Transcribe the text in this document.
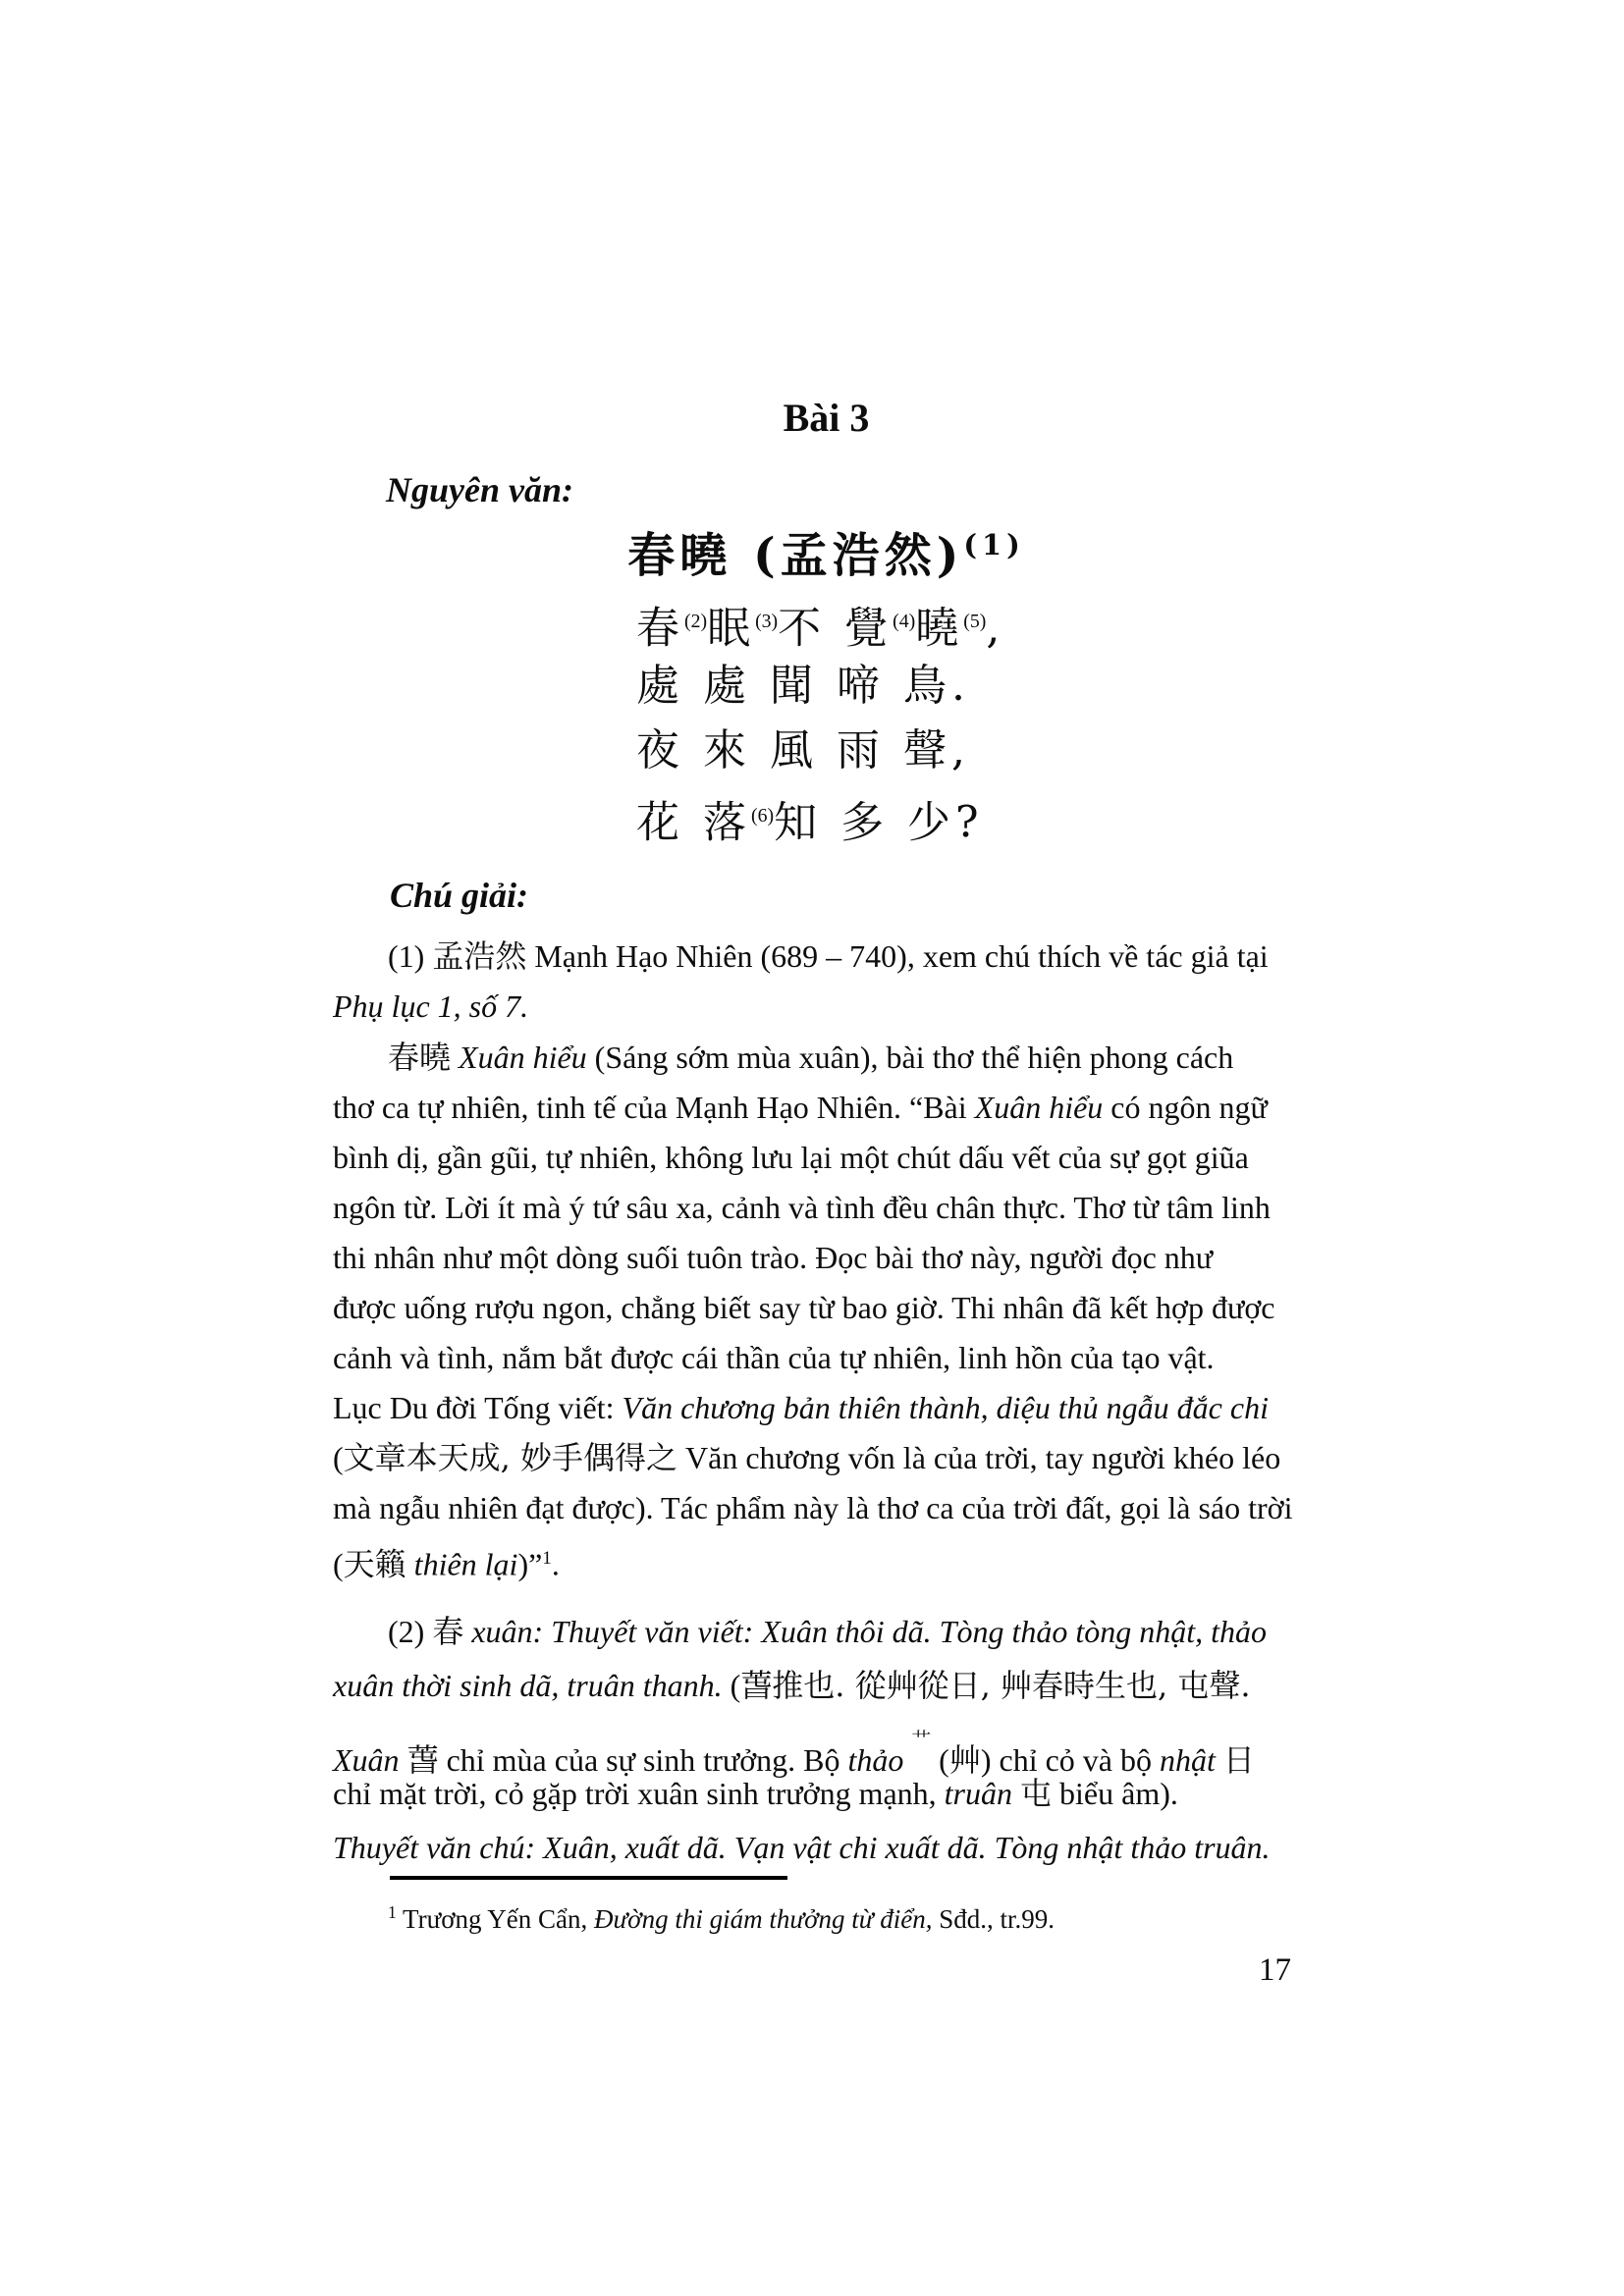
Bài 3
Nguyên văn:
春曉 (孟浩然)$^{(1)}$
春$^{(2)}$眠$^{(3)}$不 覺$^{(4)}$曉$^{(5)}$,
處 處 聞 啼 鳥.
夜 來 風 雨 聲,
花 落$^{(6)}$知 多 少?
Chú giải:
(1) 孟浩然 Mạnh Hạo Nhiên (689 – 740), xem chú thích về tác giả tại
Phụ lục 1, số 7.
春曉 Xuân hiểu (Sáng sớm mùa xuân), bài thơ thể hiện phong cách
thơ ca tự nhiên, tinh tế của Mạnh Hạo Nhiên. “Bài Xuân hiểu có ngôn ngữ
bình dị, gần gũi, tự nhiên, không lưu lại một chút dấu vết của sự gọt giũa
ngôn từ. Lời ít mà ý tứ sâu xa, cảnh và tình đều chân thực. Thơ từ tâm linh
thi nhân như một dòng suối tuôn trào. Đọc bài thơ này, người đọc như
được uống rượu ngon, chẳng biết say từ bao giờ. Thi nhân đã kết hợp được
cảnh và tình, nắm bắt được cái thần của tự nhiên, linh hồn của tạo vật.
Lục Du đời Tống viết: Văn chương bản thiên thành, diệu thủ ngẫu đắc chi
(文章本天成, 妙手偶得之 Văn chương vốn là của trời, tay người khéo léo
mà ngẫu nhiên đạt được). Tác phẩm này là thơ ca của trời đất, gọi là sáo trời
(天籟 thiên lại)”$^1$.
(2) 春 xuân: Thuyết văn viết: Xuân thôi dã. Tòng thảo tòng nhật, thảo
xuân thời sinh dã, truân thanh. (萅推也. 從艸從日, 艸春時生也, 屯聲.
Xuân 萅 chỉ mùa của sự sinh trưởng. Bộ thảo $^艹$ (艸) chỉ cỏ và bộ nhật 日
chỉ mặt trời, cỏ gặp trời xuân sinh trưởng mạnh, truân 屯 biểu âm).
Thuyết văn chú: Xuân, xuất dã. Vạn vật chi xuất dã. Tòng nhật thảo truân.
$^1$ Trương Yến Cẩn, Đường thi giám thưởng từ điển, Sđd., tr.99.
17
